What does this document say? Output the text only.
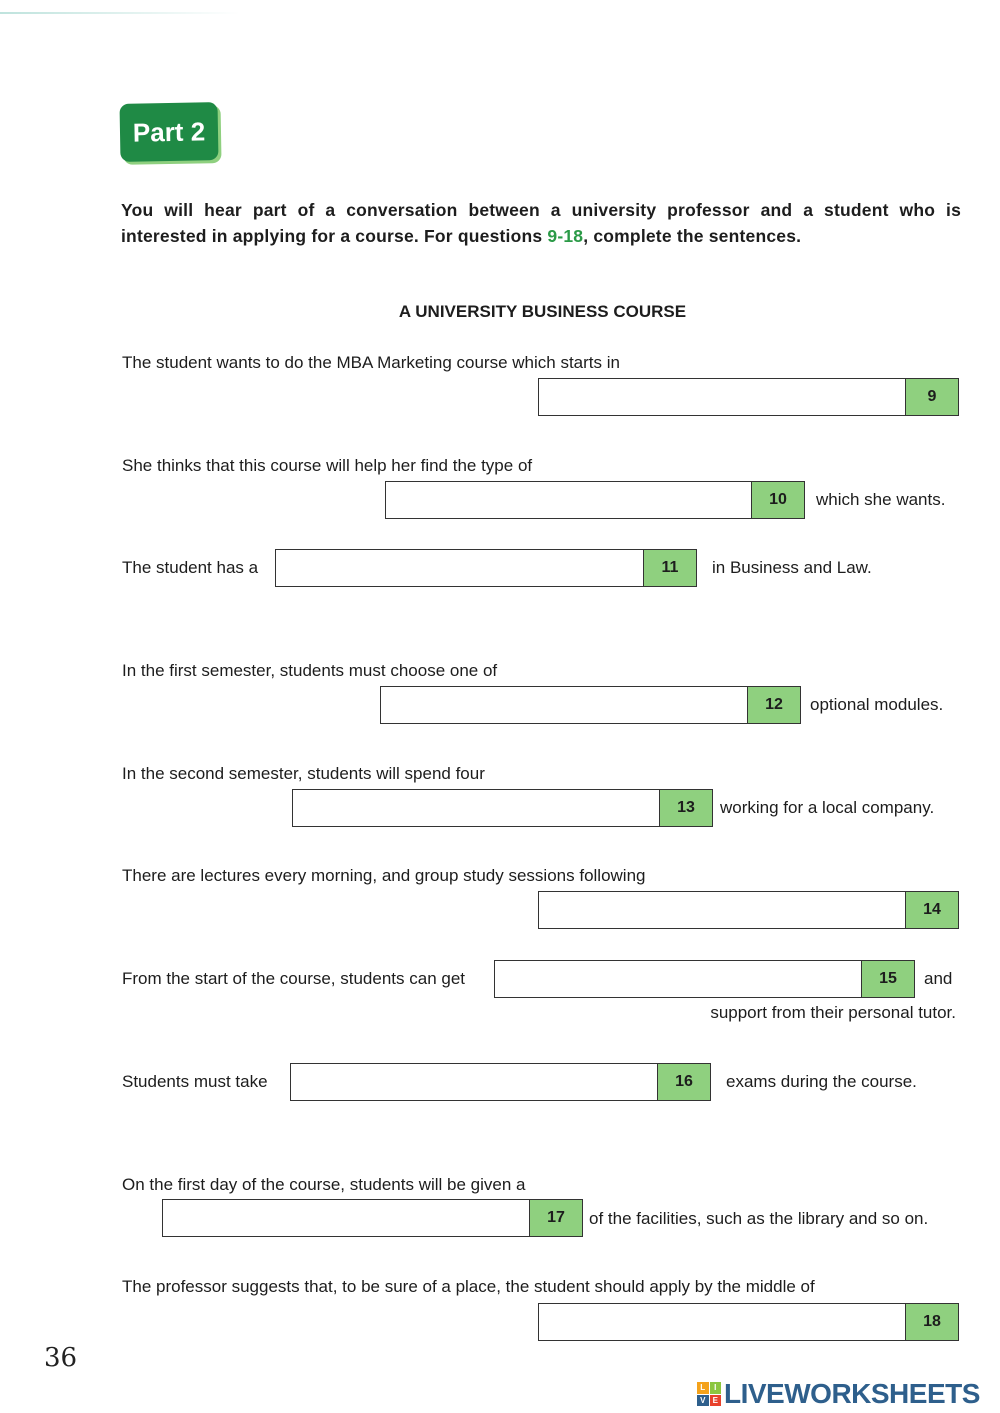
Part 2
You will hear part of a conversation between a university professor and a student who is interested in applying for a course. For questions 9-18, complete the sentences.
A UNIVERSITY BUSINESS COURSE
The student wants to do the MBA Marketing course which starts in
9
She thinks that this course will help her find the type of
10	which she wants.
The student has a	11	in Business and Law.
In the first semester, students must choose one of
12	optional modules.
In the second semester, students will spend four
13	working for a local company.
There are lectures every morning, and group study sessions following
14
From the start of the course, students can get	15	and
support from their personal tutor.
Students must take	16	exams during the course.
On the first day of the course, students will be given a
17	of the facilities, such as the library and so on.
The professor suggests that, to be sure of a place, the student should apply by the middle of
18
36
L	I
V E LIVEWORKSHEETS
